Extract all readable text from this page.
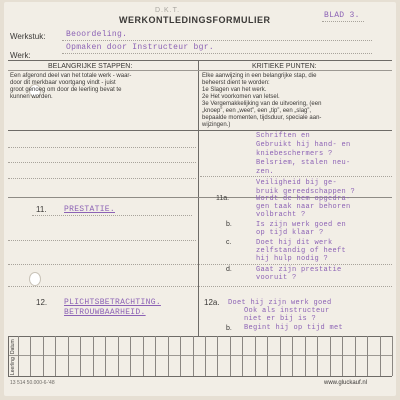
D.K.T.
WERKONTLEDINGSFORMULIER	BLAD 3.
Werkstuk:	Beoordeling.
Werk:
Opmaken door Instructeur bgr.
BELANGRIJKE STAPPEN:	KRITIEKE PUNTEN:
Een afgerond deel van het totale werk - waar-
door dit merkbaar voortgang vindt - juist
groot genoeg om door de leerling bevat te
kunnen worden.
Elke aanwijzing in een belangrijke stap, die
beheerst dient te worden:
1e Slagen van het werk.
2e Het voorkomen van letsel.
3e Vergemakkelijking van de uitvoering, (een
„knoep”, een „weet”, een „tip”, een „slag”,
bepaalde momenten, tijdsduur, speciale aan-
wijzingen.)
Schriften en
Gebruikt hij hand- en
kniebeschermers ?
Belsriem, stalen neu-
zen.
Veiligheid bij ge-
bruik gereedschappen ?
11. PRESTATIE.
11a.	Wordt de hem opgedra-
gen taak naar behoren
volbracht ?
b.	Is zijn werk goed en
op tijd klaar ?
c.	Doet hij dit werk
zelfstandig of heeft
hij hulp nodig ?
d.	Gaat zijn prestatie
vooruit ?
12. PLICHTSBETRACHTING.
BETROUWBAARHEID.
12a. Doet hij zijn werk goed
Ook als instructeur
niet er bij is ?
b. Begint hij op tijd met
Datum
Leerling
13 514 50.000-6-'48	www.gluckauf.nl
